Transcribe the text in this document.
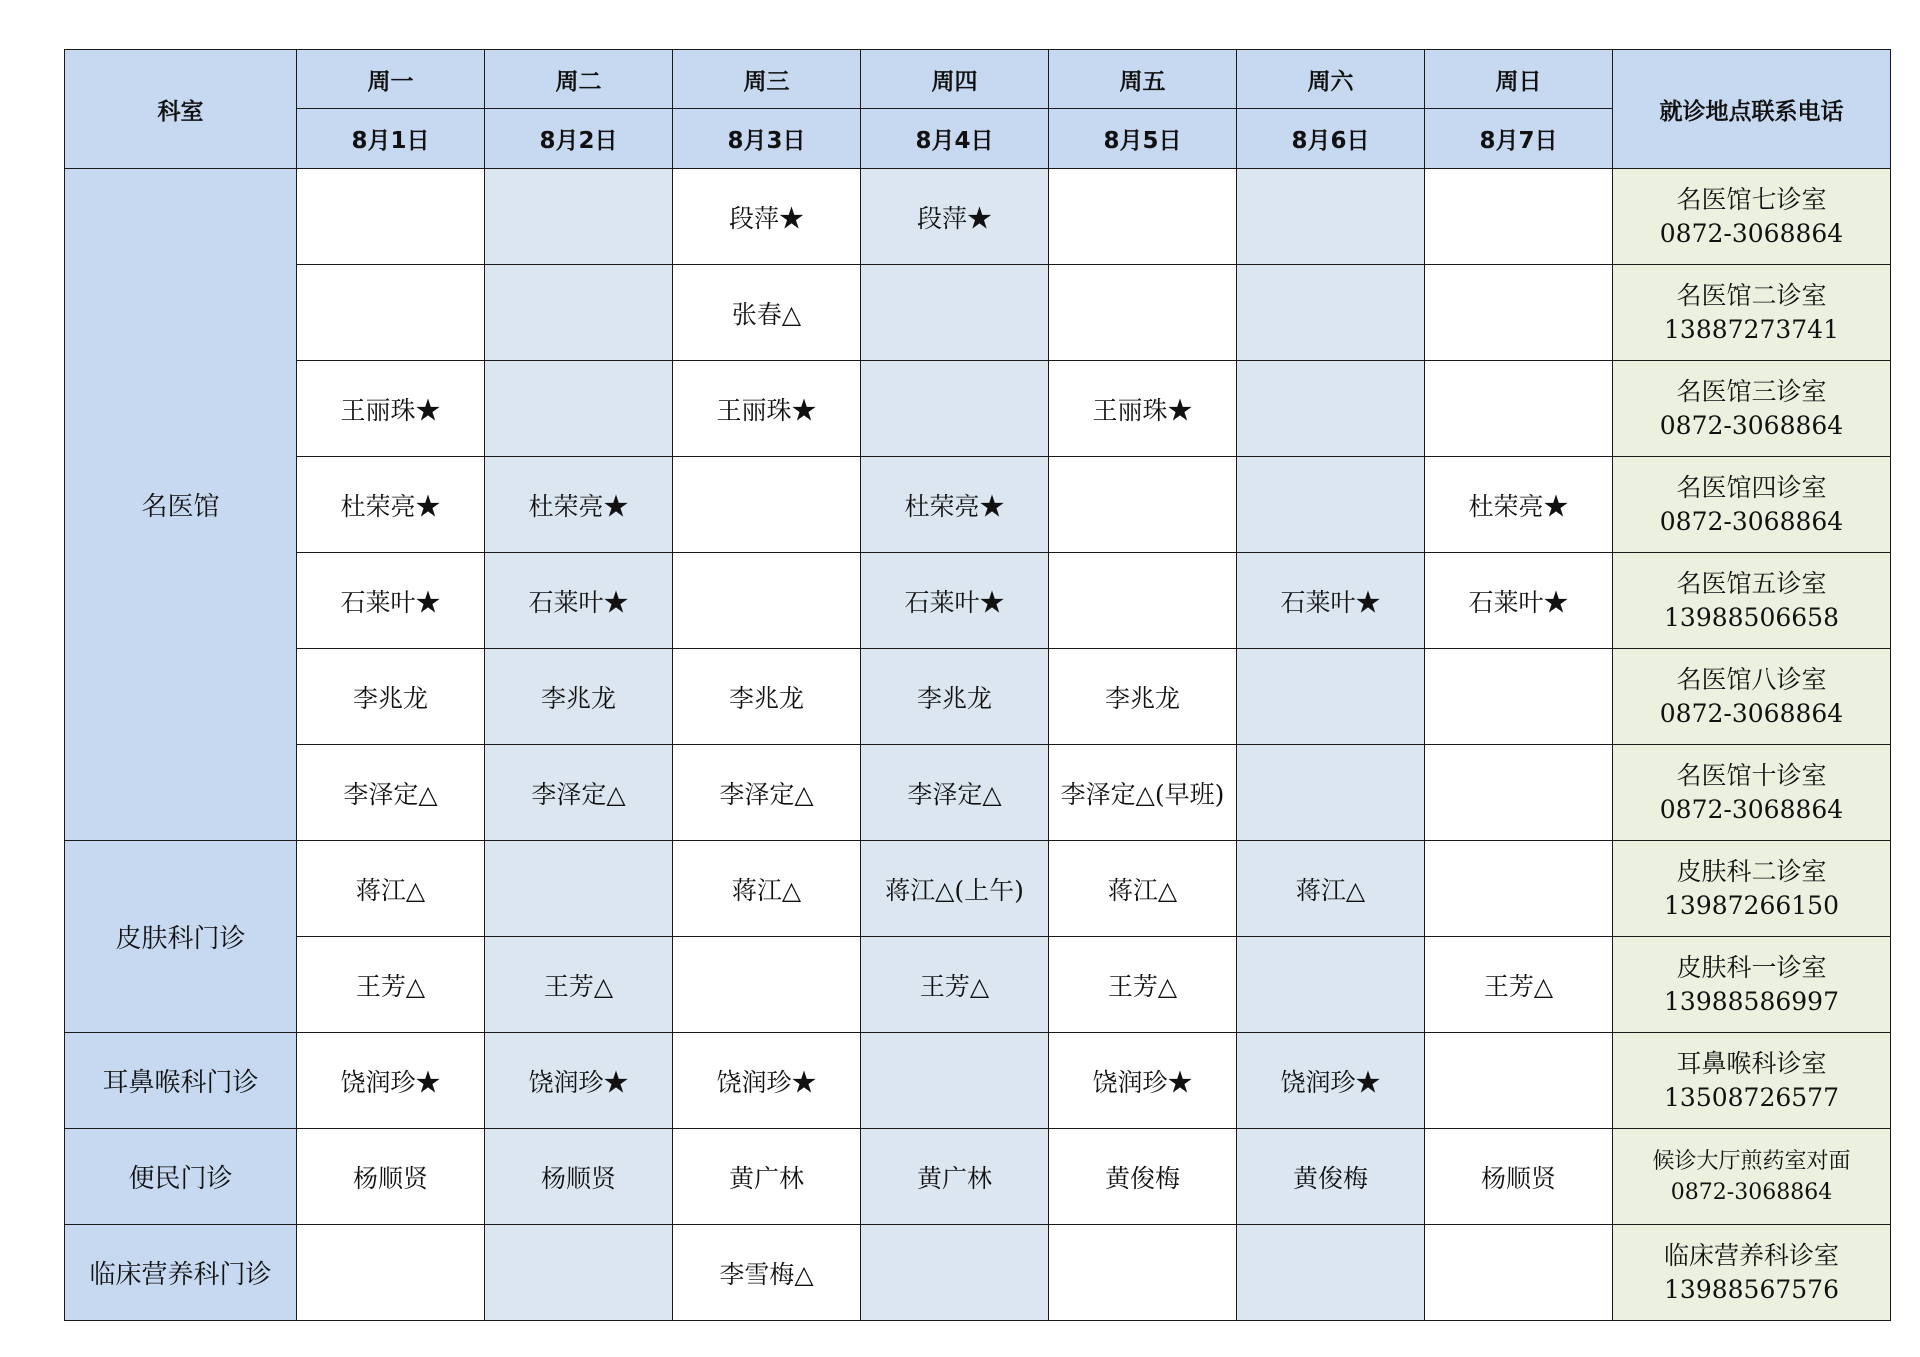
科室	周一	周二	周三	周四	周五	周六	周日	就诊地点联系电话
	8月1日	8月2日	8月3日	8月4日	8月5日	8月6日	8月7日	
名医馆			段萍★	段萍★				名医馆七诊室
0872-3068864

			张春△					名医馆二诊室
13887273741

	王丽珠★		王丽珠★		王丽珠★			名医馆三诊室
0872-3068864

	杜荣亮★	杜荣亮★		杜荣亮★			杜荣亮★	名医馆四诊室
0872-3068864

	石莱叶★	石莱叶★		石莱叶★		石莱叶★	石莱叶★	名医馆五诊室
13988506658

	李兆龙	李兆龙	李兆龙	李兆龙	李兆龙			名医馆八诊室
0872-3068864

	李泽定△	李泽定△	李泽定△	李泽定△	李泽定△(早班)			名医馆十诊室
0872-3068864

皮肤科门诊	蒋江△		蒋江△	蒋江△(上午)	蒋江△	蒋江△		皮肤科二诊室
13987266150

	王芳△	王芳△		王芳△	王芳△		王芳△	皮肤科一诊室
13988586997

耳鼻喉科门诊	饶润珍★	饶润珍★	饶润珍★		饶润珍★	饶润珍★		耳鼻喉科诊室
13508726577

便民门诊	杨顺贤	杨顺贤	黄广林	黄广林	黄俊梅	黄俊梅	杨顺贤	候诊大厅煎药室对面
0872-3068864

临床营养科门诊			李雪梅△					临床营养科诊室
13988567576
